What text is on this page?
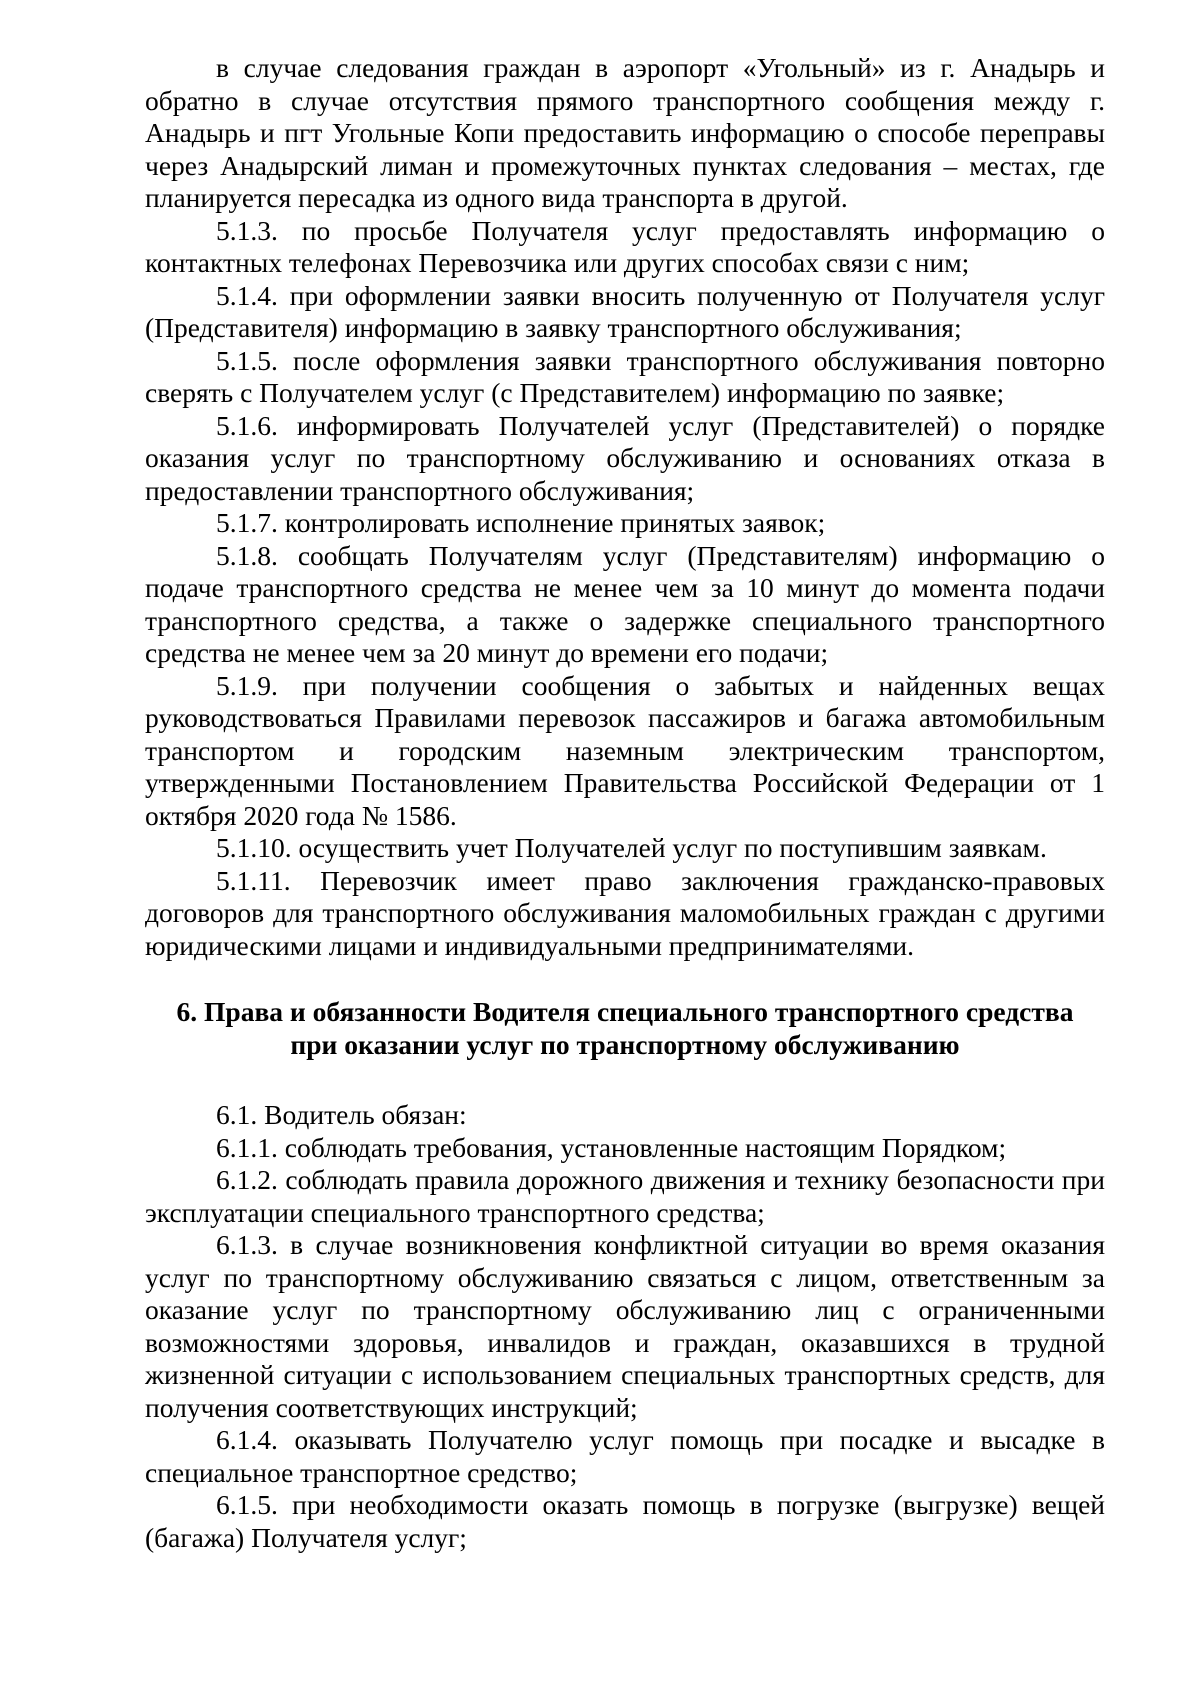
в случае следования граждан в аэропорт «Угольный» из г. Анадырь и обратно в случае отсутствия прямого транспортного сообщения между г. Анадырь и пгт Угольные Копи предоставить информацию о способе переправы через Анадырский лиман и промежуточных пунктах следования – местах, где планируется пересадка из одного вида транспорта в другой.

5.1.3. по просьбе Получателя услуг предоставлять информацию о контактных телефонах Перевозчика или других способах связи с ним;

5.1.4. при оформлении заявки вносить полученную от Получателя услуг (Представителя) информацию в заявку транспортного обслуживания;

5.1.5. после оформления заявки транспортного обслуживания повторно сверять с Получателем услуг (с Представителем) информацию по заявке;

5.1.6. информировать Получателей услуг (Представителей) о порядке оказания услуг по транспортному обслуживанию и основаниях отказа в предоставлении транспортного обслуживания;

5.1.7. контролировать исполнение принятых заявок;

5.1.8. сообщать Получателям услуг (Представителям) информацию о подаче транспортного средства не менее чем за 10 минут до момента подачи транспортного средства, а также о задержке специального транспортного средства не менее чем за 20 минут до времени его подачи;

5.1.9. при получении сообщения о забытых и найденных вещах руководствоваться Правилами перевозок пассажиров и багажа автомобильным транспортом и городским наземным электрическим транспортом, утвержденными Постановлением Правительства Российской Федерации от 1 октября 2020 года № 1586.

5.1.10. осуществить учет Получателей услуг по поступившим заявкам.

5.1.11. Перевозчик имеет право заключения гражданско-правовых договоров для транспортного обслуживания маломобильных граждан с другими юридическими лицами и индивидуальными предпринимателями.

6. Права и обязанности Водителя специального транспортного средства
при оказании услуг по транспортному обслуживанию

6.1. Водитель обязан:

6.1.1. соблюдать требования, установленные настоящим Порядком;

6.1.2. соблюдать правила дорожного движения и технику безопасности при эксплуатации специального транспортного средства;

6.1.3. в случае возникновения конфликтной ситуации во время оказания услуг по транспортному обслуживанию связаться с лицом, ответственным за оказание услуг по транспортному обслуживанию лиц с ограниченными возможностями здоровья, инвалидов и граждан, оказавшихся в трудной жизненной ситуации с использованием специальных транспортных средств, для получения соответствующих инструкций;

6.1.4. оказывать Получателю услуг помощь при посадке и высадке в специальное транспортное средство;

6.1.5. при необходимости оказать помощь в погрузке (выгрузке) вещей (багажа) Получателя услуг;
